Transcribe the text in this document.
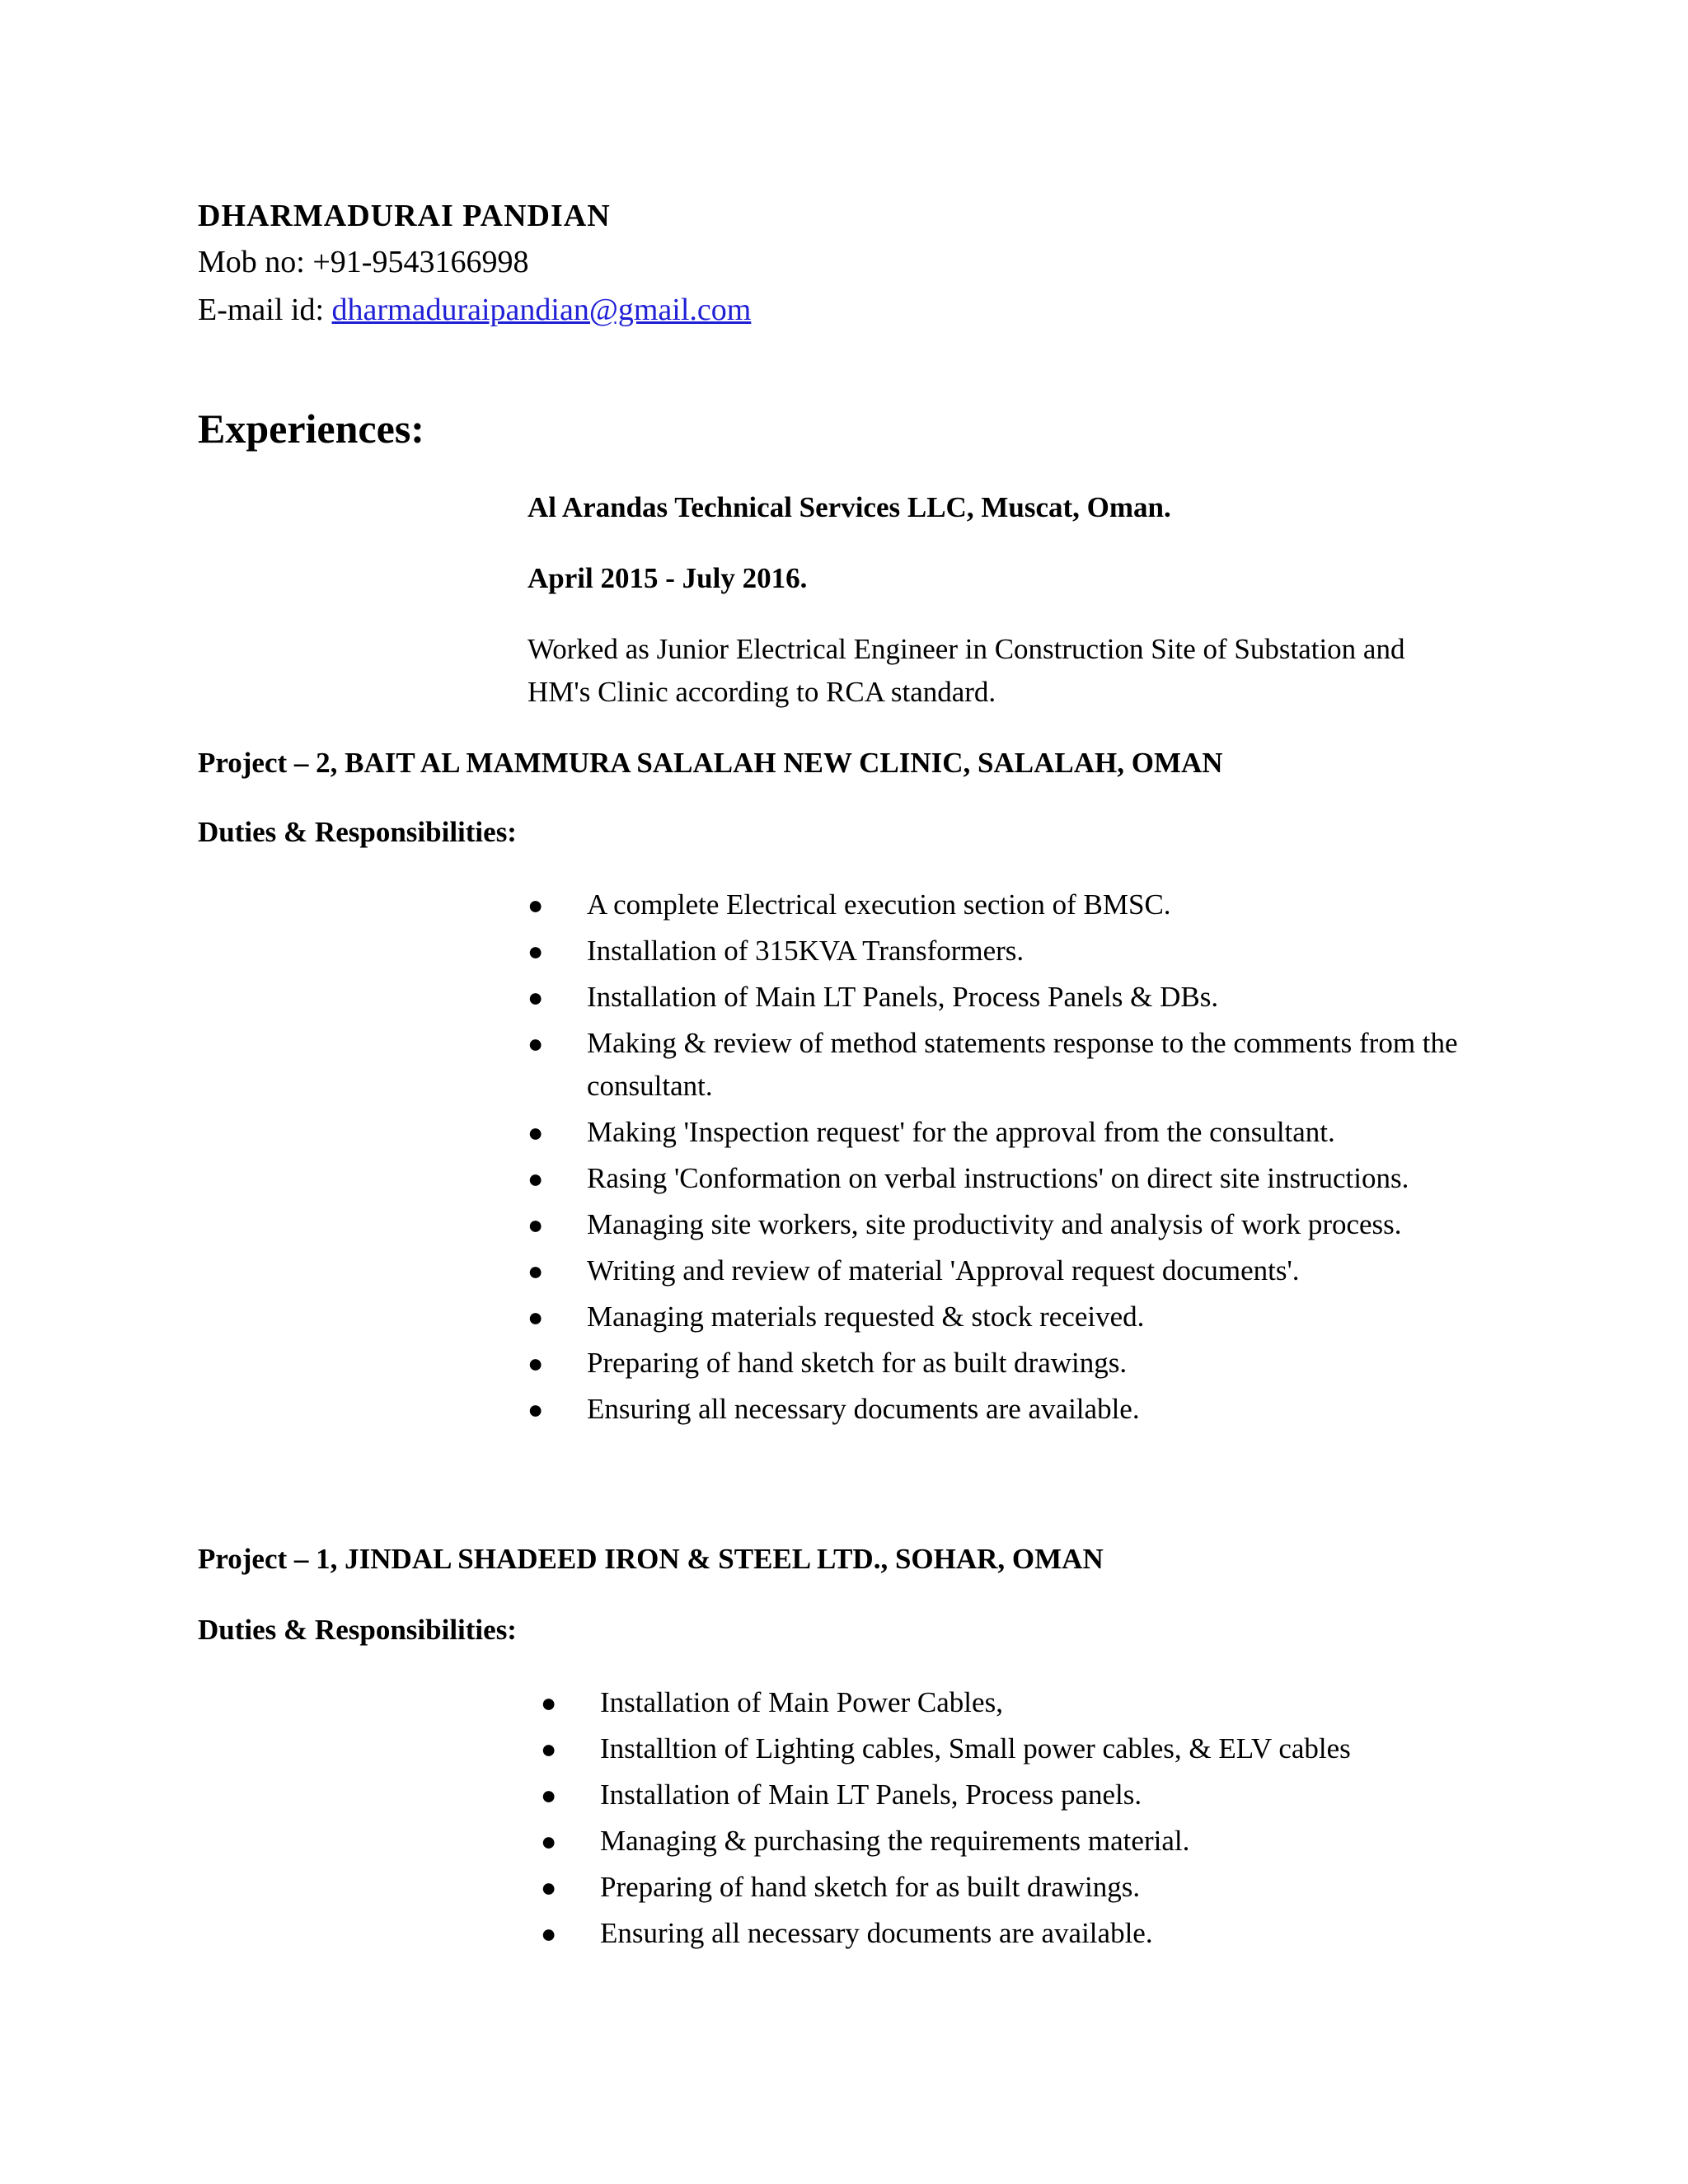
DHARMADURAI PANDIAN
Mob no: +91-9543166998
E-mail id: dharmaduraipandian@gmail.com
Experiences:
Al Arandas Technical Services LLC, Muscat, Oman.
April 2015 - July 2016.
Worked as Junior Electrical Engineer in Construction Site of Substation and HM's Clinic according to RCA standard.
Project – 2, BAIT AL MAMMURA SALALAH NEW CLINIC, SALALAH, OMAN
Duties & Responsibilities:
● A complete Electrical execution section of BMSC.
● Installation of 315KVA Transformers.
● Installation of Main LT Panels, Process Panels & DBs.
● Making & review of method statements response to the comments from the consultant.
● Making 'Inspection request' for the approval from the consultant.
● Rasing 'Conformation on verbal instructions' on direct site instructions.
● Managing site workers, site productivity and analysis of work process.
● Writing and review of material 'Approval request documents'.
● Managing materials requested & stock received.
● Preparing of hand sketch for as built drawings.
● Ensuring all necessary documents are available.
Project – 1, JINDAL SHADEED IRON & STEEL LTD., SOHAR, OMAN
Duties & Responsibilities:
● Installation of Main Power Cables,
● Installtion of Lighting cables, Small power cables, & ELV cables
● Installation of Main LT Panels, Process panels.
● Managing & purchasing the requirements material.
● Preparing of hand sketch for as built drawings.
● Ensuring all necessary documents are available.
